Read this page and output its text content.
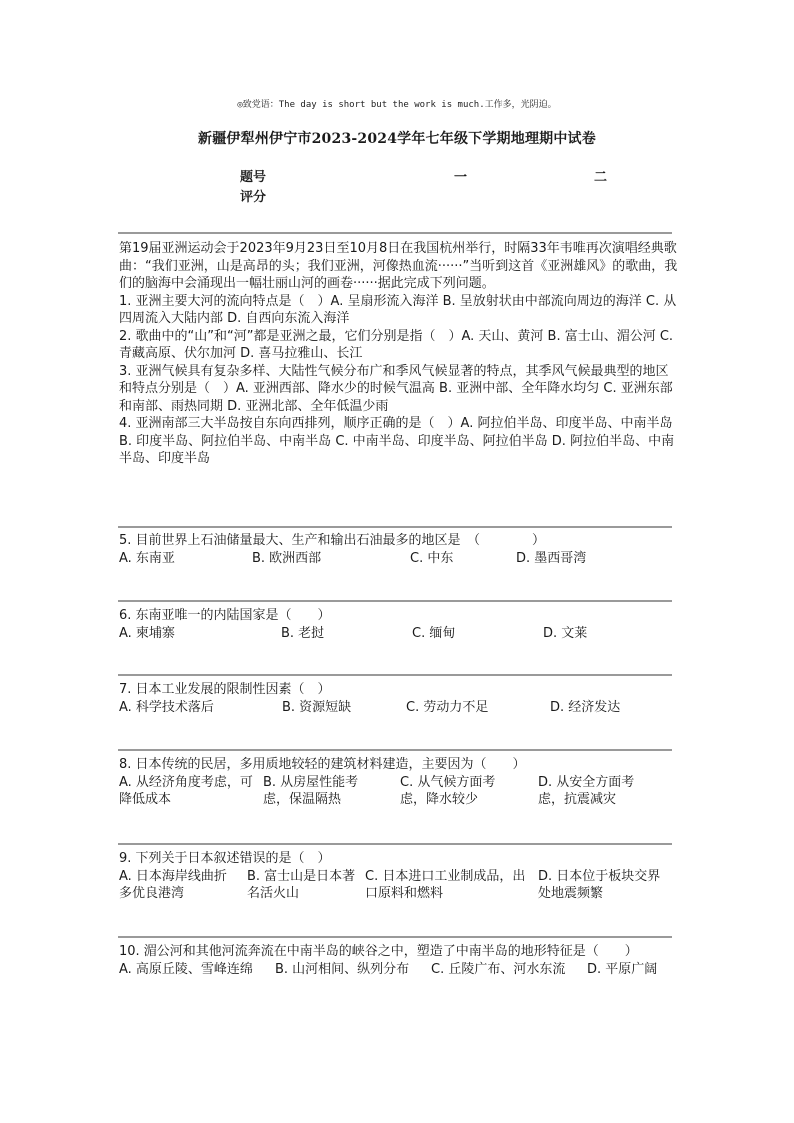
◎致党语：The day is short but the work is much.工作多，光阴迫。
新疆伊犁州伊宁市2023-2024学年七年级下学期地理期中试卷
题号	一	二
评分

第19届亚洲运动会于2023年9月23日至10月8日在我国杭州举行，时隔33年韦唯再次演唱经典歌曲：“我们亚洲，山是高昂的头；我们亚洲，河像热血流······”当听到这首《亚洲雄风》的歌曲，我们的脑海中会涌现出一幅壮丽山河的画卷······据此完成下列问题。

1. 亚洲主要大河的流向特点是（　）A. 呈扇形流入海洋 B. 呈放射状由中部流向周边的海洋 C. 从四周流入大陆内部 D. 自西向东流入海洋

2. 歌曲中的“山”和“河”都是亚洲之最，它们分别是指（　）A. 天山、黄河 B. 富士山、湄公河 C. 青藏高原、伏尔加河 D. 喜马拉雅山、长江

3. 亚洲气候具有复杂多样、大陆性气候分布广和季风气候显著的特点，其季风气候最典型的地区和特点分别是（　）A. 亚洲西部、降水少的时候气温高 B. 亚洲中部、全年降水均匀 C. 亚洲东部和南部、雨热同期 D. 亚洲北部、全年低温少雨

4. 亚洲南部三大半岛按自东向西排列，顺序正确的是（　）A. 阿拉伯半岛、印度半岛、中南半岛 B. 印度半岛、阿拉伯半岛、中南半岛 C. 中南半岛、印度半岛、阿拉伯半岛 D. 阿拉伯半岛、中南半岛、印度半岛

5. 目前世界上石油储量最大、生产和输出石油最多的地区是　（　　　　）

A. 东南亚	B. 欧洲西部	C. 中东	D. 墨西哥湾

6. 东南亚唯一的内陆国家是（　　）

A. 柬埔寨	B. 老挝	C. 缅甸	D. 文莱

7. 日本工业发展的限制性因素（　）

A. 科学技术落后	B. 资源短缺	C. 劳动力不足	D. 经济发达

8. 日本传统的民居，多用质地较轻的建筑材料建造，主要因为（　　）

A. 从经济角度考虑，可降低成本
B. 从房屋性能考虑，保温隔热
C. 从气候方面考虑，降水较少
D. 从安全方面考虑，抗震减灾

9. 下列关于日本叙述错误的是（　）

A. 日本海岸线曲折多优良港湾
B. 富士山是日本著名活火山
C. 日本进口工业制成品，出口原料和燃料
D. 日本位于板块交界处地震频繁

10. 湄公河和其他河流奔流在中南半岛的峡谷之中，塑造了中南半岛的地形特征是（　　）

A. 高原丘陵、雪峰连绵	B. 山河相间、纵列分布	C. 丘陵广布、河水东流	D. 平原广阔
